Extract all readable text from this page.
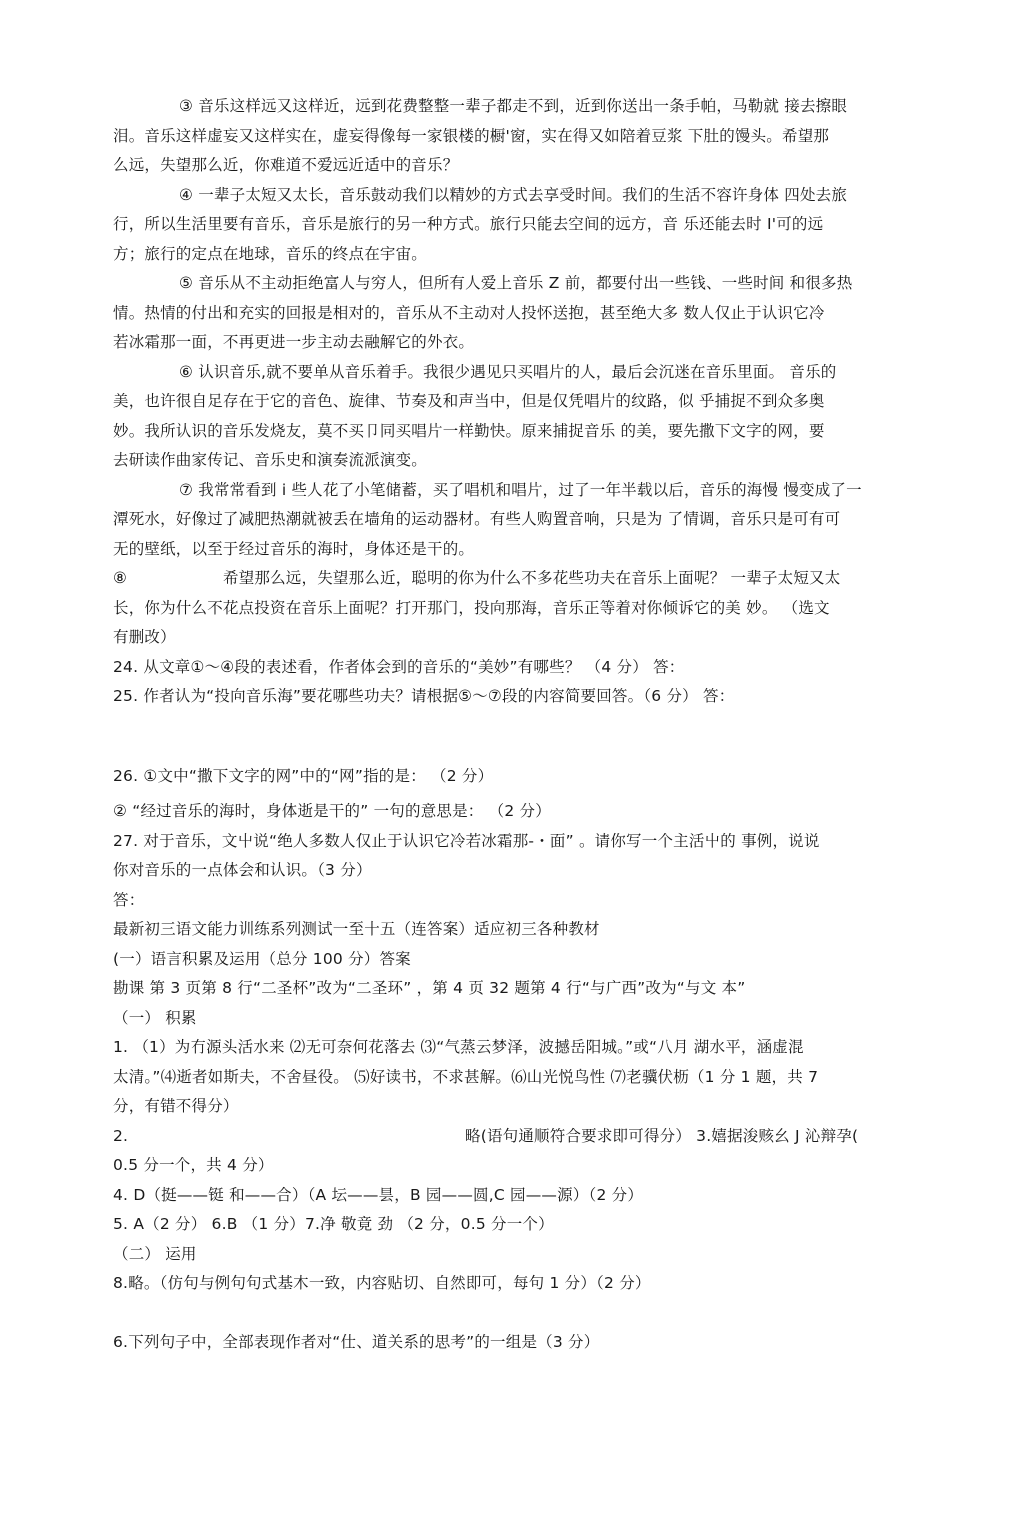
③ 音乐这样远又这样近，远到花费整整一辈子都走不到，近到你送出一条手帕，马勒就 接去擦眼
泪。音乐这样虚妄又这样实在，虚妄得像每一家银楼的橱'窗，实在得又如陪着豆浆 下肚的馒头。希望那
么远，失望那么近，你难道不爱远近适中的音乐？
④ 一辈子太短又太长，音乐鼓动我们以精妙的方式去享受时间。我们的生活不容许身体 四处去旅
行，所以生活里要有音乐，音乐是旅行的另一种方式。旅行只能去空间的远方，音 乐还能去时 I'可的远
方；旅行的定点在地球，音乐的终点在宇宙。
⑤ 音乐从不主动拒绝富人与穷人，但所有人爱上音乐 Z 前，都要付出一些钱、一些时间 和很多热
情。热情的付出和充实的回报是相对的，音乐从不主动对人投怀送抱，甚至绝大多 数人仅止于认识它冷
若冰霜那一面，不再更进一步主动去融解它的外衣。
⑥ 认识音乐,就不要单从音乐着手。我很少遇见只买唱片的人，最后会沉迷在音乐里面。 音乐的
美，也许很自足存在于它的音色、旋律、节奏及和声当中，但是仅凭唱片的纹路，似 乎捕捉不到众多奥
妙。我所认识的音乐发烧友，莫不买卩同买唱片一样勤快。原来捕捉音乐 的美，要先撒下文字的网，要
去研读作曲家传记、音乐史和演奏流派演变。
⑦ 我常常看到 i 些人花了小笔储蓄，买了唱机和唱片，过了一年半载以后，音乐的海慢 慢变成了一
潭死水，好像过了减肥热潮就被丢在墙角的运动器材。有些人购置音响，只是为 了情调，音乐只是可有可
无的壁纸，以至于经过音乐的海时，身体还是干的。
⑧	希望那么远，失望那么近，聪明的你为什么不多花些功夫在音乐上面呢？ 一辈子太短又太
长，你为什么不花点投资在音乐上面呢？打开那门，投向那海，音乐正等着对你倾诉它的美 妙。 （选文
有删改）
24. 从文章①～④段的表述看，作者体会到的音乐的“美妙”有哪些？ （4 分） 答：
25. 作者认为“投向音乐海”要花哪些功夫？请根据⑤～⑦段的内容简要回答。（6 分） 答：
26. ①文中“撒下文字的网”中的“网”指的是： （2 分）
② “经过音乐的海时，身体逝是干的” 一句的意思是： （2 分）
27. 对于音乐，文屮说“绝人多数人仅止于认识它冷若冰霜那-・面” 。请你写一个主活屮的 事例，说说
你对音乐的一点体会和认识。（3 分）
答：
最新初三语文能力训练系列测试一至十五（连答案）适应初三各种教材
(一）语言积累及运用（总分 100 分）答案
勘课 第 3 页第 8 行“二圣杯”改为“二圣环” ，第 4 页 32 题第 4 行“与广西”改为“与文 本”
（一） 积累
1. （1）为冇源头活水来 ⑵无可奈何花落去 ⑶“气蒸云梦泽，波撼岳阳城。”或“八月 湖水平，涵虚混
太清。”⑷逝者如斯夫，不舍昼役。 ⑸好读书，不求甚解。⑹山光悦鸟性 ⑺老骥伏枥（1 分 1 题，共 7
分，有错不得分）
2.	略(语句通顺符合要求即可得分） 3.嬉据浚赅幺 J 沁辩孕(
0.5 分一个，共 4 分）
4. D（挺——铤 和——合）（A 坛——昙，B 园——圆,C 园——源）（2 分）
5. A（2 分） 6.B （1 分）7.净 敬竟 劲 （2 分，0.5 分一个）
（二） 运用
8.略。（仿句与例句句式基木一致，内容贴切、自然即可，每句 1 分）（2 分）
6.下列句子中，全部表现作者对“仕、道关系的思考”的一组是（3 分）
